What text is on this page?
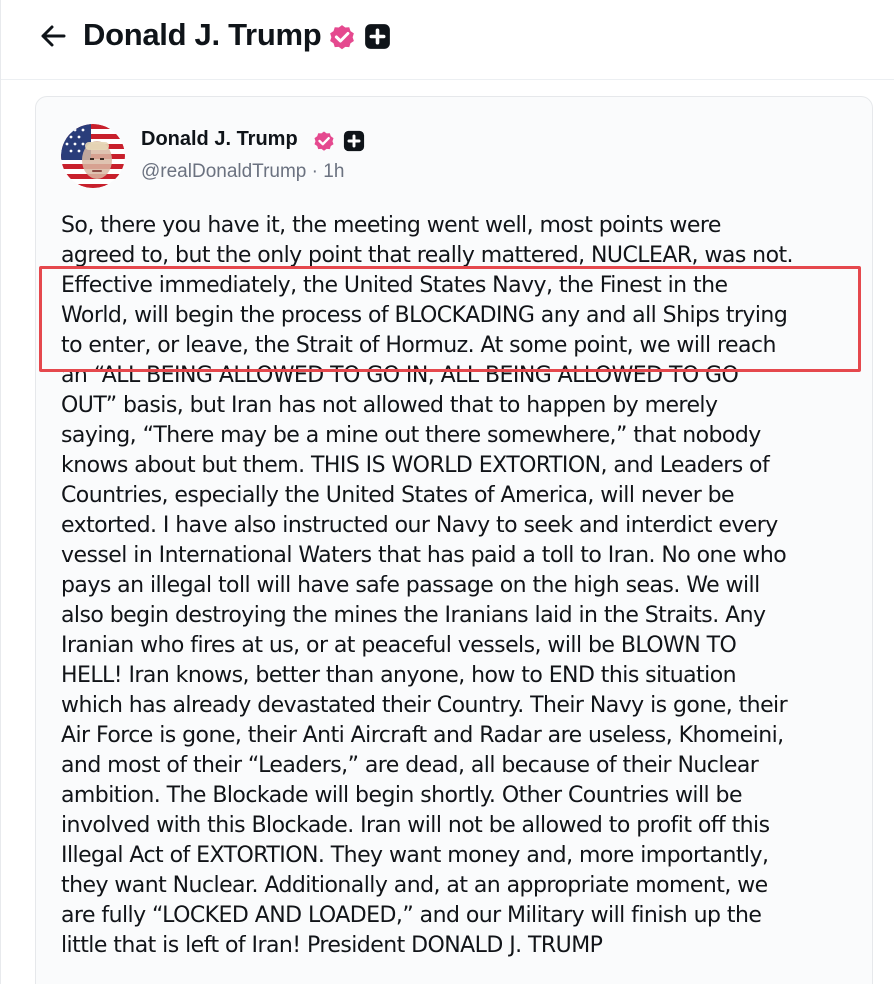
Donald J. Trump
Donald J. Trump
@realDonaldTrump · 1h
So, there you have it, the meeting went well, most points were
agreed to, but the only point that really mattered, NUCLEAR, was not.
Effective immediately, the United States Navy, the Finest in the
World, will begin the process of BLOCKADING any and all Ships trying
to enter, or leave, the Strait of Hormuz. At some point, we will reach
an “ALL BEING ALLOWED TO GO IN, ALL BEING ALLOWED TO GO
OUT” basis, but Iran has not allowed that to happen by merely
saying, “There may be a mine out there somewhere,” that nobody
knows about but them. THIS IS WORLD EXTORTION, and Leaders of
Countries, especially the United States of America, will never be
extorted. I have also instructed our Navy to seek and interdict every
vessel in International Waters that has paid a toll to Iran. No one who
pays an illegal toll will have safe passage on the high seas. We will
also begin destroying the mines the Iranians laid in the Straits. Any
Iranian who fires at us, or at peaceful vessels, will be BLOWN TO
HELL! Iran knows, better than anyone, how to END this situation
which has already devastated their Country. Their Navy is gone, their
Air Force is gone, their Anti Aircraft and Radar are useless, Khomeini,
and most of their “Leaders,” are dead, all because of their Nuclear
ambition. The Blockade will begin shortly. Other Countries will be
involved with this Blockade. Iran will not be allowed to profit off this
Illegal Act of EXTORTION. They want money and, more importantly,
they want Nuclear. Additionally and, at an appropriate moment, we
are fully “LOCKED AND LOADED,” and our Military will finish up the
little that is left of Iran! President DONALD J. TRUMP
